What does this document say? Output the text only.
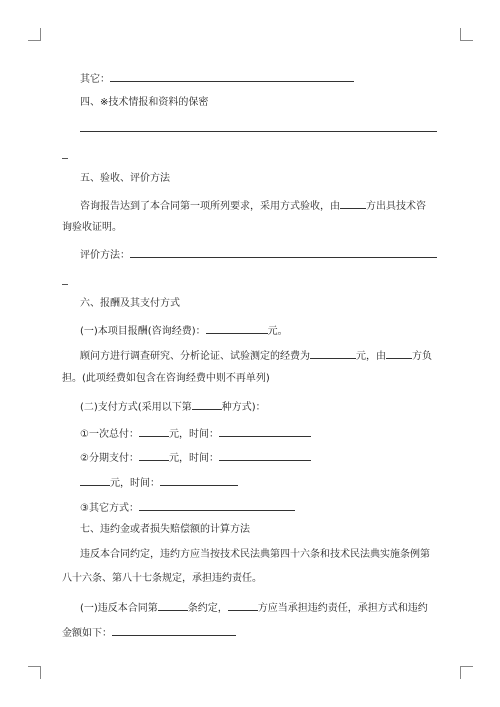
其它：
四、※技术情报和资料的保密
五、验收、评价方法
咨询报告达到了本合同第一项所列要求，采用方式验收，由	方出具技术咨
询验收证明。
评价方法：
六、报酬及其支付方式
(一)本项目报酬(咨询经费)：	元。
顾问方进行调查研究、分析论证、试验测定的经费为	元，由	方负
担。(此项经费如包含在咨询经费中则不再单列)
(二)支付方式(采用以下第	种方式)：
①一次总付：	元，时间：
②分期支付：	元，时间：
元，时间：
③其它方式：
七、违约金或者损失赔偿额的计算方法
违反本合同约定，违约方应当按技术民法典第四十六条和技术民法典实施条例第
八十六条、第八十七条规定，承担违约责任。
(一)违反本合同第	条约定，	方应当承担违约责任，承担方式和违约
金额如下：
